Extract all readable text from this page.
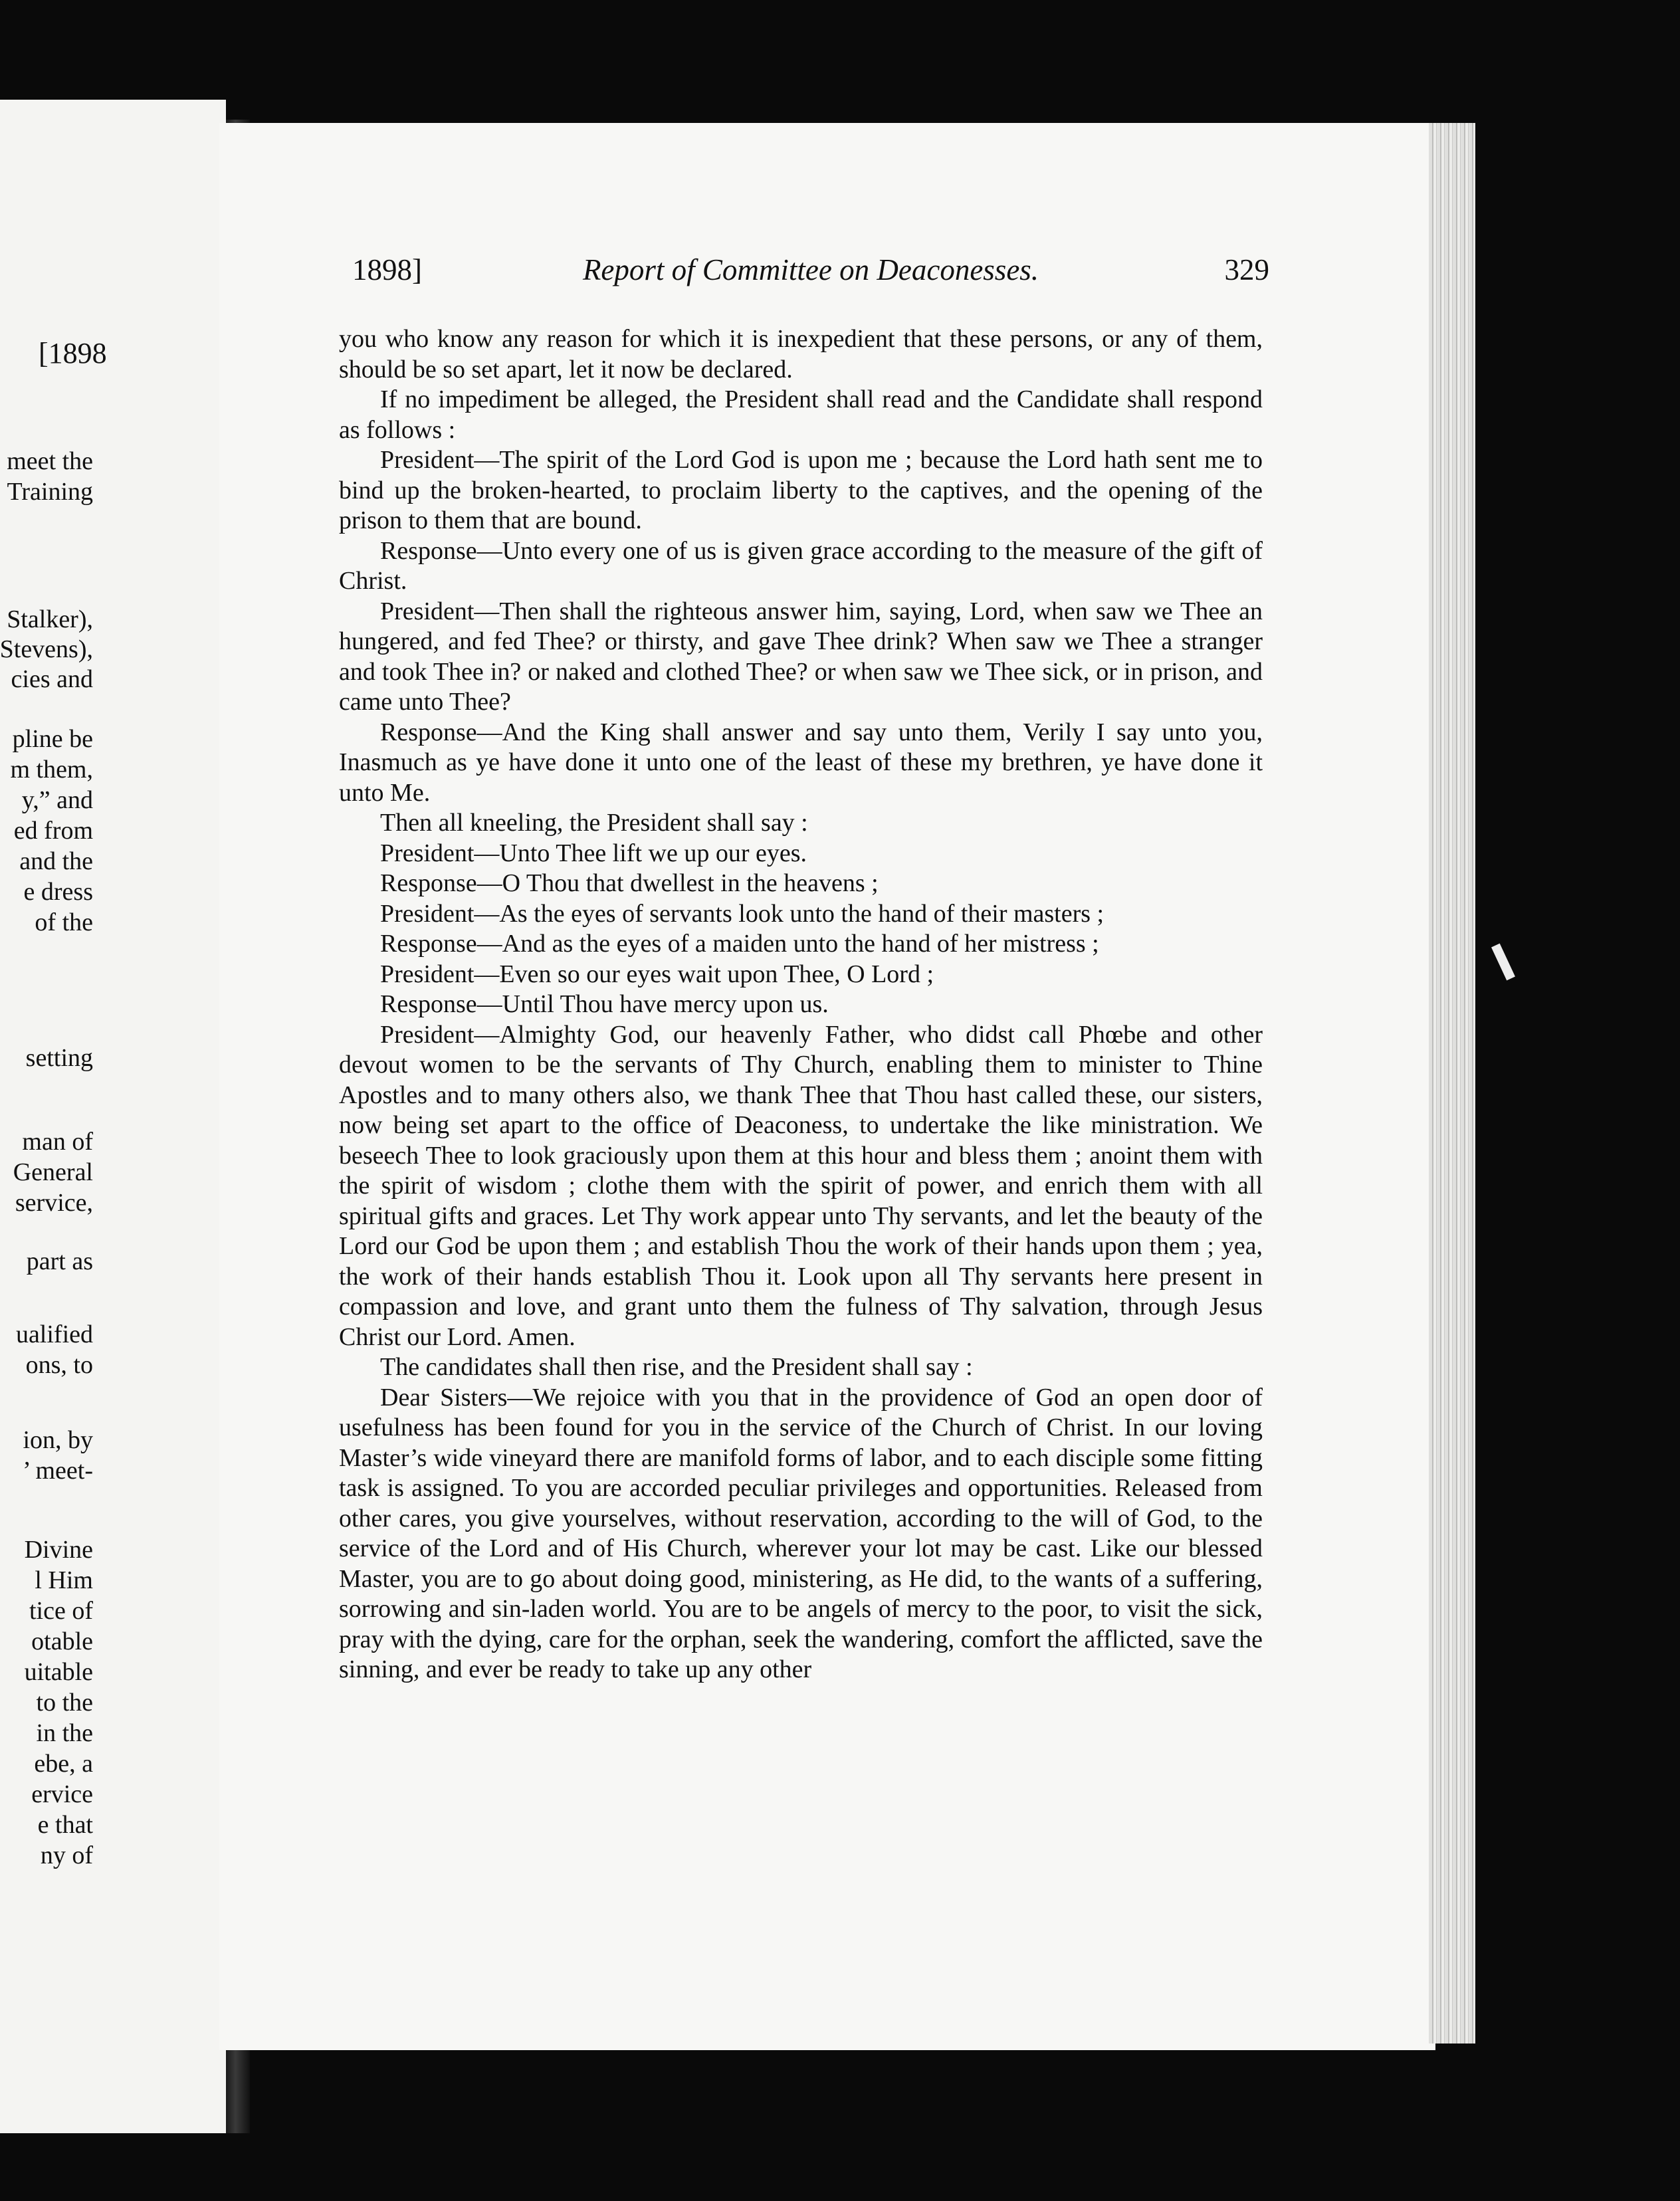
[1898

meet the

Training

Stalker),

Stevens),

cies and

pline be

m them,

y,” and

ed from

and the

e dress

of the

setting

man of

General

service,

part as

ualified

ons, to

ion, by

’ meet-

Divine

l Him

tice of

otable

uitable

to the

in the

ebe, a

ervice

e that

ny of

1898]	Report of Committee on Deaconesses.	329

you who know any reason for which it is inexpedient that these persons, or any of them, should be so set apart, let it now be declared.

If no impediment be alleged, the President shall read and the Candidate shall respond as follows :

President—The spirit of the Lord God is upon me ; because the Lord hath sent me to bind up the broken-hearted, to proclaim liberty to the captives, and the opening of the prison to them that are bound.

Response—Unto every one of us is given grace according to the measure of the gift of Christ.

President—Then shall the righteous answer him, saying, Lord, when saw we Thee an hungered, and fed Thee? or thirsty, and gave Thee drink? When saw we Thee a stranger and took Thee in? or naked and clothed Thee? or when saw we Thee sick, or in prison, and came unto Thee?

Response—And the King shall answer and say unto them, Verily I say unto you, Inasmuch as ye have done it unto one of the least of these my brethren, ye have done it unto Me.

Then all kneeling, the President shall say :

President—Unto Thee lift we up our eyes.

Response—O Thou that dwellest in the heavens ;

President—As the eyes of servants look unto the hand of their masters ;

Response—And as the eyes of a maiden unto the hand of her mistress ;

President—Even so our eyes wait upon Thee, O Lord ;

Response—Until Thou have mercy upon us.

President—Almighty God, our heavenly Father, who didst call Phœbe and other devout women to be the servants of Thy Church, enabling them to minister to Thine Apostles and to many others also, we thank Thee that Thou hast called these, our sisters, now being set apart to the office of Deaconess, to undertake the like ministration. We beseech Thee to look graciously upon them at this hour and bless them ; anoint them with the spirit of wisdom ; clothe them with the spirit of power, and enrich them with all spiritual gifts and graces. Let Thy work appear unto Thy servants, and let the beauty of the Lord our God be upon them ; and establish Thou the work of their hands upon them ; yea, the work of their hands establish Thou it. Look upon all Thy servants here present in compassion and love, and grant unto them the fulness of Thy salvation, through Jesus Christ our Lord. Amen.

The candidates shall then rise, and the President shall say :

Dear Sisters—We rejoice with you that in the providence of God an open door of usefulness has been found for you in the service of the Church of Christ. In our loving Master’s wide vineyard there are manifold forms of labor, and to each disciple some fitting task is assigned. To you are accorded peculiar privileges and opportunities. Released from other cares, you give yourselves, without reservation, according to the will of God, to the service of the Lord and of His Church, wherever your lot may be cast. Like our blessed Master, you are to go about doing good, ministering, as He did, to the wants of a suffering, sorrowing and sin-laden world. You are to be angels of mercy to the poor, to visit the sick, pray with the dying, care for the orphan, seek the wandering, comfort the afflicted, save the sinning, and ever be ready to take up any other
